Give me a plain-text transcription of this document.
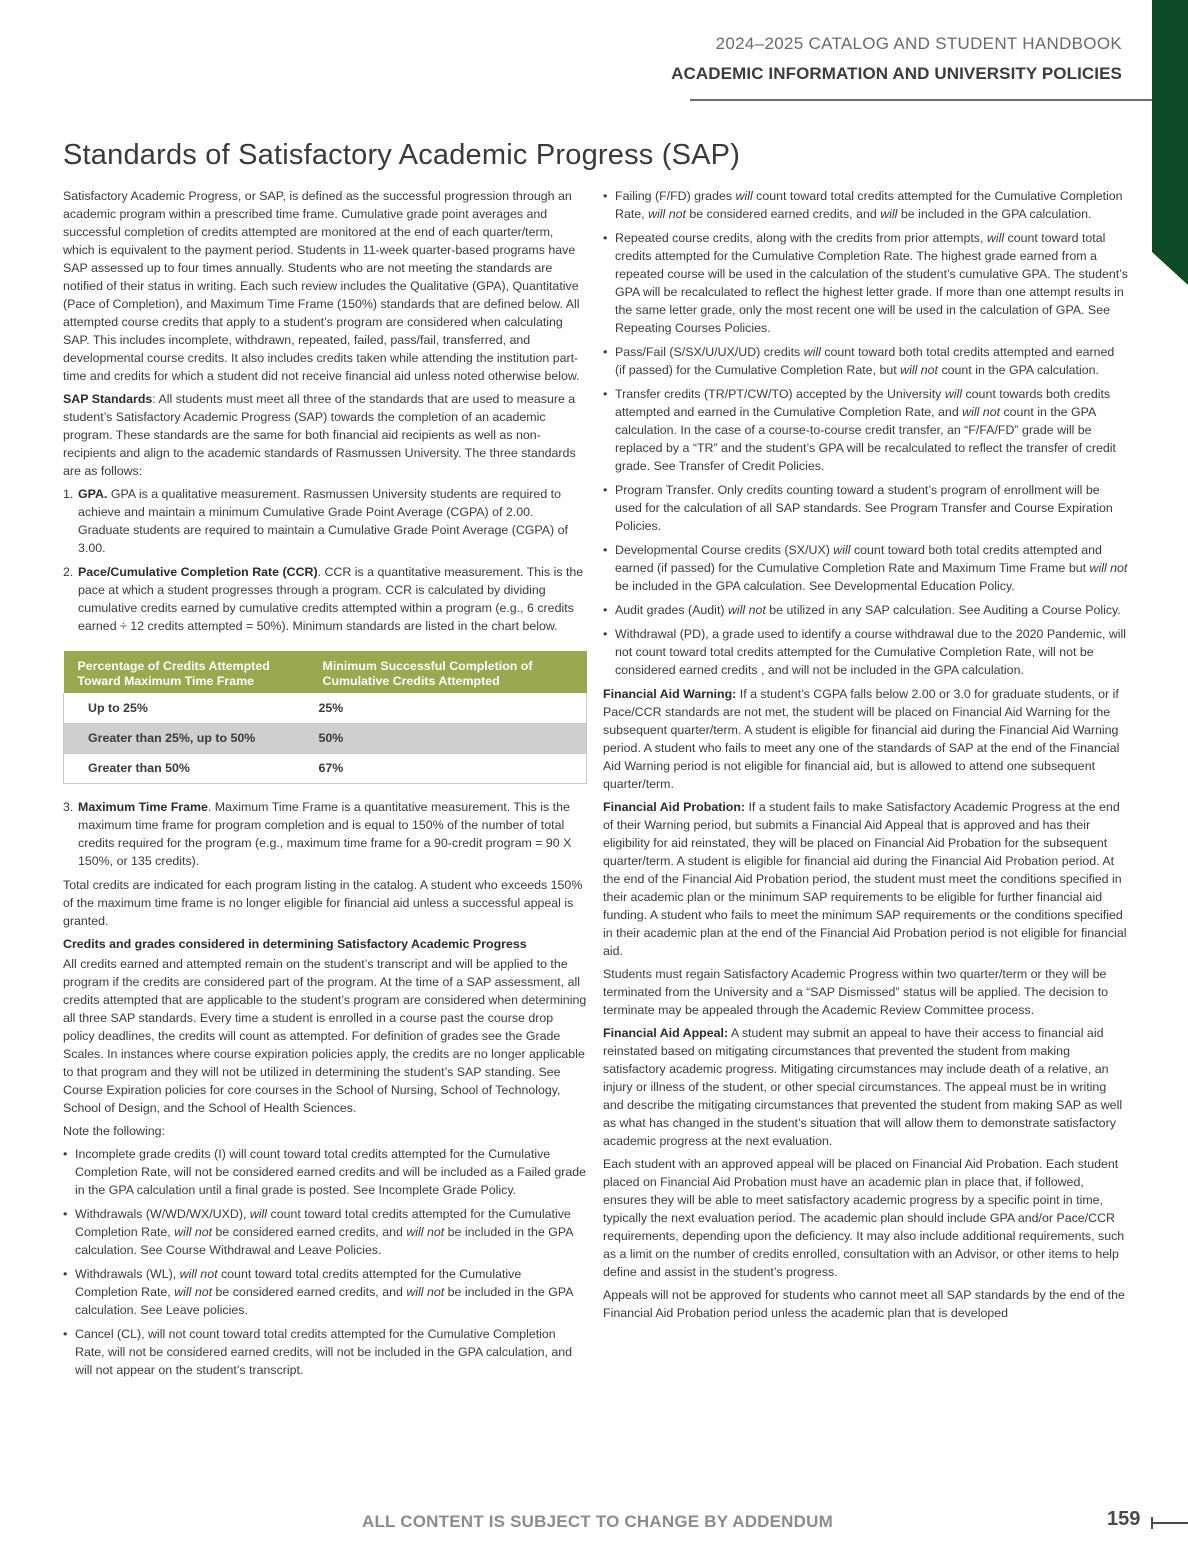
2024–2025 CATALOG AND STUDENT HANDBOOK
ACADEMIC INFORMATION AND UNIVERSITY POLICIES
Standards of Satisfactory Academic Progress (SAP)

Satisfactory Academic Progress, or SAP, is defined as the successful progression through an academic program within a prescribed time frame. Cumulative grade point averages and successful completion of credits attempted are monitored at the end of each quarter/term, which is equivalent to the payment period. Students in 11-week quarter-based programs have SAP assessed up to four times annually. Students who are not meeting the standards are notified of their status in writing. Each such review includes the Qualitative (GPA), Quantitative (Pace of Completion), and Maximum Time Frame (150%) standards that are defined below. All attempted course credits that apply to a student’s program are considered when calculating SAP. This includes incomplete, withdrawn, repeated, failed, pass/fail, transferred, and developmental course credits. It also includes credits taken while attending the institution part-time and credits for which a student did not receive financial aid unless noted otherwise below.

SAP Standards: All students must meet all three of the standards that are used to measure a student’s Satisfactory Academic Progress (SAP) towards the completion of an academic program. These standards are the same for both financial aid recipients as well as non-recipients and align to the academic standards of Rasmussen University. The three standards are as follows:

1. GPA. GPA is a qualitative measurement. Rasmussen University students are required to achieve and maintain a minimum Cumulative Grade Point Average (CGPA) of 2.00. Graduate students are required to maintain a Cumulative Grade Point Average (CGPA) of 3.00.
2. Pace/Cumulative Completion Rate (CCR). CCR is a quantitative measurement. This is the pace at which a student progresses through a program. CCR is calculated by dividing cumulative credits earned by cumulative credits attempted within a program (e.g., 6 credits earned ÷ 12 credits attempted = 50%). Minimum standards are listed in the chart below.
Percentage of Credits Attempted Toward Maximum Time Frame	Minimum Successful Completion of Cumulative Credits Attempted
Up to 25%	25%
Greater than 25%, up to 50%	50%
Greater than 50%	67%
3. Maximum Time Frame. Maximum Time Frame is a quantitative measurement. This is the maximum time frame for program completion and is equal to 150% of the number of total credits required for the program (e.g., maximum time frame for a 90-credit program = 90 X 150%, or 135 credits).

Total credits are indicated for each program listing in the catalog. A student who exceeds 150% of the maximum time frame is no longer eligible for financial aid unless a successful appeal is granted.

Credits and grades considered in determining Satisfactory Academic Progress

All credits earned and attempted remain on the student’s transcript and will be applied to the program if the credits are considered part of the program. At the time of a SAP assessment, all credits attempted that are applicable to the student’s program are considered when determining all three SAP standards. Every time a student is enrolled in a course past the course drop policy deadlines, the credits will count as attempted. For definition of grades see the Grade Scales. In instances where course expiration policies apply, the credits are no longer applicable to that program and they will not be utilized in determining the student’s SAP standing. See Course Expiration policies for core courses in the School of Nursing, School of Technology, School of Design, and the School of Health Sciences.

Note the following:

• Incomplete grade credits (I) will count toward total credits attempted for the Cumulative Completion Rate, will not be considered earned credits and will be included as a Failed grade in the GPA calculation until a final grade is posted. See Incomplete Grade Policy.
• Withdrawals (W/WD/WX/UXD), will count toward total credits attempted for the Cumulative Completion Rate, will not be considered earned credits, and will not be included in the GPA calculation. See Course Withdrawal and Leave Policies.
• Withdrawals (WL), will not count toward total credits attempted for the Cumulative Completion Rate, will not be considered earned credits, and will not be included in the GPA calculation. See Leave policies.
• Cancel (CL), will not count toward total credits attempted for the Cumulative Completion Rate, will not be considered earned credits, will not be included in the GPA calculation, and will not appear on the student’s transcript.
• Failing (F/FD) grades will count toward total credits attempted for the Cumulative Completion Rate, will not be considered earned credits, and will be included in the GPA calculation.
• Repeated course credits, along with the credits from prior attempts, will count toward total credits attempted for the Cumulative Completion Rate. The highest grade earned from a repeated course will be used in the calculation of the student’s cumulative GPA. The student’s GPA will be recalculated to reflect the highest letter grade. If more than one attempt results in the same letter grade, only the most recent one will be used in the calculation of GPA. See Repeating Courses Policies.
• Pass/Fail (S/SX/U/UX/UD) credits will count toward both total credits attempted and earned (if passed) for the Cumulative Completion Rate, but will not count in the GPA calculation.
• Transfer credits (TR/PT/CW/TO) accepted by the University will count towards both credits attempted and earned in the Cumulative Completion Rate, and will not count in the GPA calculation. In the case of a course-to-course credit transfer, an “F/FA/FD” grade will be replaced by a “TR” and the student’s GPA will be recalculated to reflect the transfer of credit grade. See Transfer of Credit Policies.
• Program Transfer. Only credits counting toward a student’s program of enrollment will be used for the calculation of all SAP standards. See Program Transfer and Course Expiration Policies.
• Developmental Course credits (SX/UX) will count toward both total credits attempted and earned (if passed) for the Cumulative Completion Rate and Maximum Time Frame but will not be included in the GPA calculation. See Developmental Education Policy.
• Audit grades (Audit) will not be utilized in any SAP calculation. See Auditing a Course Policy.
• Withdrawal (PD), a grade used to identify a course withdrawal due to the 2020 Pandemic, will not count toward total credits attempted for the Cumulative Completion Rate, will not be considered earned credits , and will not be included in the GPA calculation.

Financial Aid Warning: If a student’s CGPA falls below 2.00 or 3.0 for graduate students, or if Pace/CCR standards are not met, the student will be placed on Financial Aid Warning for the subsequent quarter/term. A student is eligible for financial aid during the Financial Aid Warning period. A student who fails to meet any one of the standards of SAP at the end of the Financial Aid Warning period is not eligible for financial aid, but is allowed to attend one subsequent quarter/term.

Financial Aid Probation: If a student fails to make Satisfactory Academic Progress at the end of their Warning period, but submits a Financial Aid Appeal that is approved and has their eligibility for aid reinstated, they will be placed on Financial Aid Probation for the subsequent quarter/term. A student is eligible for financial aid during the Financial Aid Probation period. At the end of the Financial Aid Probation period, the student must meet the conditions specified in their academic plan or the minimum SAP requirements to be eligible for further financial aid funding. A student who fails to meet the minimum SAP requirements or the conditions specified in their academic plan at the end of the Financial Aid Probation period is not eligible for financial aid.

Students must regain Satisfactory Academic Progress within two quarter/term or they will be terminated from the University and a “SAP Dismissed” status will be applied. The decision to terminate may be appealed through the Academic Review Committee process.

Financial Aid Appeal: A student may submit an appeal to have their access to financial aid reinstated based on mitigating circumstances that prevented the student from making satisfactory academic progress. Mitigating circumstances may include death of a relative, an injury or illness of the student, or other special circumstances. The appeal must be in writing and describe the mitigating circumstances that prevented the student from making SAP as well as what has changed in the student’s situation that will allow them to demonstrate satisfactory academic progress at the next evaluation.

Each student with an approved appeal will be placed on Financial Aid Probation. Each student placed on Financial Aid Probation must have an academic plan in place that, if followed, ensures they will be able to meet satisfactory academic progress by a specific point in time, typically the next evaluation period. The academic plan should include GPA and/or Pace/CCR requirements, depending upon the deficiency. It may also include additional requirements, such as a limit on the number of credits enrolled, consultation with an Advisor, or other items to help define and assist in the student’s progress.

Appeals will not be approved for students who cannot meet all SAP standards by the end of the Financial Aid Probation period unless the academic plan that is developed

ALL CONTENT IS SUBJECT TO CHANGE BY ADDENDUM	159
